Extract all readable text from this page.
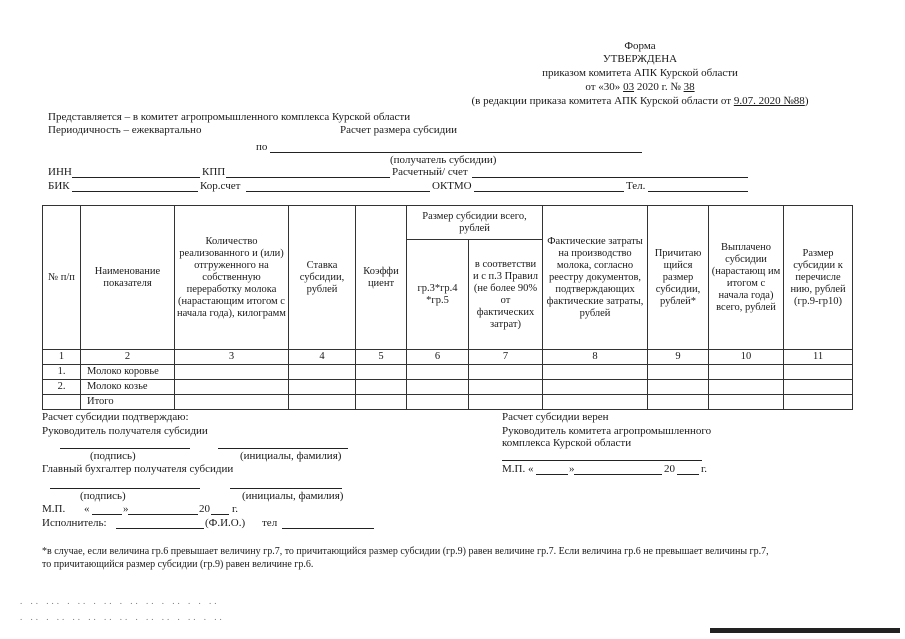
Форма
УТВЕРЖДЕНА
приказом комитета АПК Курской области
от «30» 03 2020 г. № 38
(в редакции приказа комитета АПК Курской области от 9.07. 2020 №88)
Представляется – в комитет агропромышленного комплекса Курской области
Периодичность – ежеквартально	Расчет размера субсидии
по
(получатель субсидии)
ИНН	КПП	Расчетный/ счет
БИК	Кор.счет	ОКТМО	Тел.
№ п/п	Наименование показателя	Количество реализованного и (или) отгруженного на собственную переработку молока (нарастающим итогом с начала года), килограмм	Ставка субсидии, рублей	Коэффи циент	Размер субсидии всего, рублей		Фактические затраты на производство молока, согласно реестру документов, подтверждающих фактические затраты, рублей	Причитаю щийся размер субсидии, рублей*	Выплачено субсидии (нарастающ им итогом с начала года) всего, рублей	Размер субсидии к перечисле нию, рублей (гр.9-гр10)
					гр.3*гр.4 *гр.5	в соответстви и с п.3 Правил (не более 90% от фактических затрат)				
1	2	3	4	5	6	7	8	9	10	11
1.	Молоко коровье									
2.	Молоко козье									
	Итого									
Расчет субсидии подтверждаю:
Руководитель получателя субсидии
(подпись)	(инициалы, фамилия)
Главный бухгалтер получателя субсидии
(подпись)	(инициалы, фамилия)
М.П. «	»	20 г.
Исполнитель:	(Ф.И.О.) тел
Расчет субсидии верен
Руководитель комитета агропромышленного
комплекса Курской области
М.П. «	»	20 г.
*в случае, если величина гр.6 превышает величину гр.7, то причитающийся размер субсидии (гр.9) равен величине гр.7. Если величина гр.6 не превышает величины гр.7,
то причитающийся размер субсидии (гр.9) равен величине гр.6.
. .. ... . .. . .. . .. .. . .. . . ..
. .. . .. .. .. .. .. . .. .. . .. . ..
